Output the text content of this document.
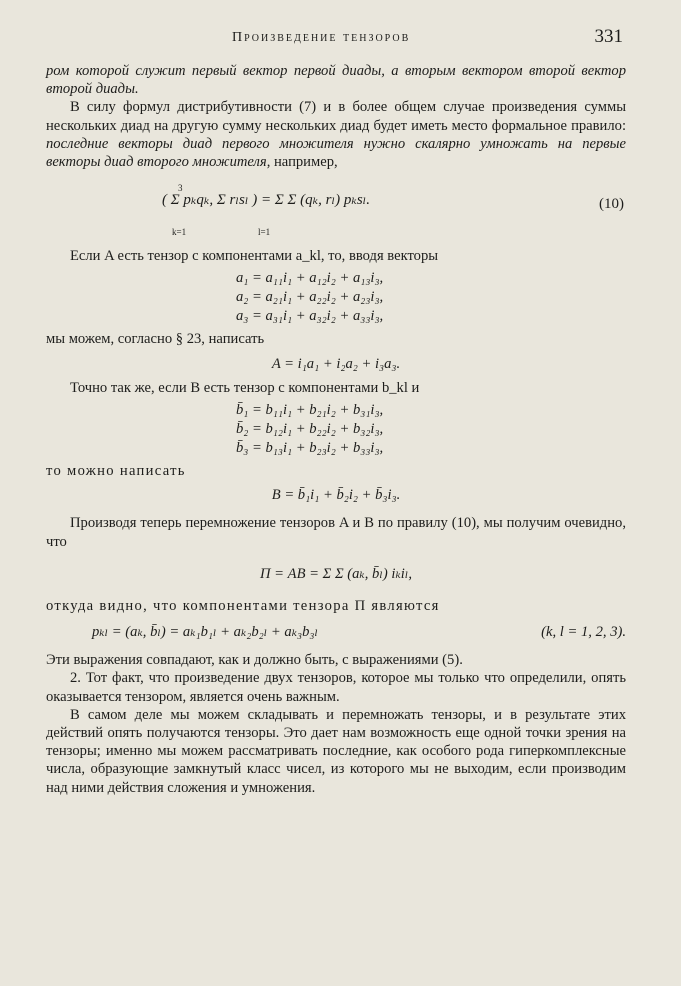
Произведение тензоров	331

ром которой служит первый вектор первой диады, а вторым вектором второй вектор второй диады.

В силу формул дистрибутивности (7) и в более общем случае произведения суммы нескольких диад на другую сумму нескольких диад будет иметь место формальное правило: последние векторы диад первого множителя нужно скалярно умножать на первые векторы диад второго множителя, например,

( Σ pₖqₖ, Σ rₗsₗ ) = Σ Σ (qₖ, rₗ) pₖsₗ.
3
k=1	l=1
(10)

Если A есть тензор с компонентами a_kl, то, вводя векторы

a₁ = a₁₁i₁ + a₁₂i₂ + a₁₃i₃,
a₂ = a₂₁i₁ + a₂₂i₂ + a₂₃i₃,
a₃ = a₃₁i₁ + a₃₂i₂ + a₃₃i₃,

мы можем, согласно § 23, написать

A = i₁a₁ + i₂a₂ + i₃a₃.

Точно так же, если B есть тензор с компонентами b_kl и

b̄₁ = b₁₁i₁ + b₂₁i₂ + b₃₁i₃,
b̄₂ = b₁₂i₁ + b₂₂i₂ + b₃₂i₃,
b̄₃ = b₁₃i₁ + b₂₃i₂ + b₃₃i₃,

то можно написать

B = b̄₁i₁ + b̄₂i₂ + b̄₃i₃.

Производя теперь перемножение тензоров A и B по правилу (10), мы получим очевидно, что

П = AB = Σ Σ (aₖ, b̄ₗ) iₖiₗ,

откуда видно, что компонентами тензора П являются

pₖₗ = (aₖ, b̄ₗ) = aₖ₁b₁ₗ + aₖ₂b₂ₗ + aₖ₃b₃ₗ	(k, l = 1, 2, 3).

Эти выражения совпадают, как и должно быть, с выражениями (5).

2. Тот факт, что произведение двух тензоров, которое мы только что определили, опять оказывается тензором, является очень важным.

В самом деле мы можем складывать и перемножать тензоры, и в результате этих действий опять получаются тензоры. Это дает нам возможность еще одной точки зрения на тензоры; именно мы можем рассматривать последние, как особого рода гиперкомплексные числа, образующие замкнутый класс чисел, из которого мы не выходим, если производим над ними действия сложения и умножения.
